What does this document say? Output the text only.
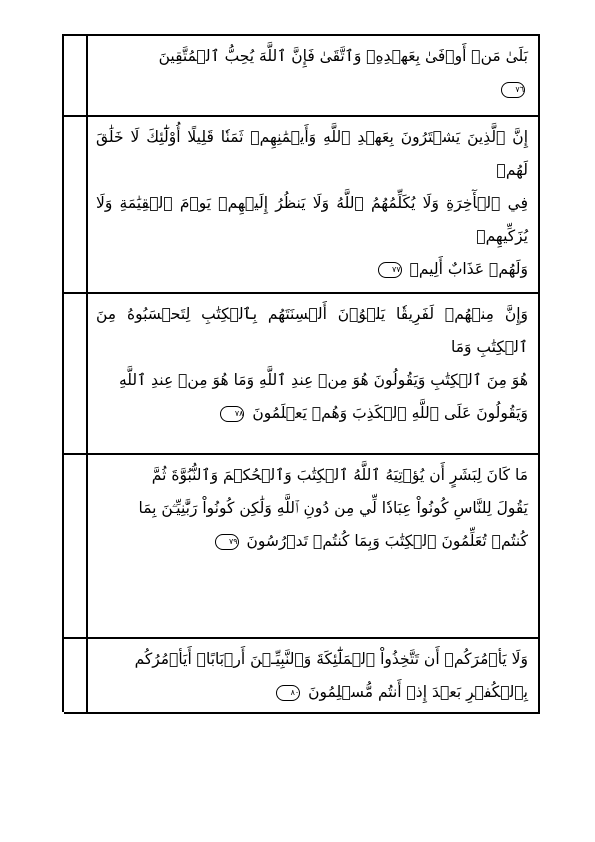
بَلَىٰ مَنۡ أَوۡفَىٰ بِعَهۡدِهِۦ وَٱتَّقَىٰ فَإِنَّ ٱللَّهَ يُحِبُّ ٱلۡمُتَّقِينَ

٧٦

إِنَّ ٱلَّذِينَ يَشۡتَرُونَ بِعَهۡدِ ٱللَّهِ وَأَيۡمَٰنِهِمۡ ثَمَنٗا قَلِيلًا أُوْلَٰٓئِكَ لَا خَلَٰقَ لَهُمۡ

فِي ٱلۡأٓخِرَةِ وَلَا يُكَلِّمُهُمُ ٱللَّهُ وَلَا يَنظُرُ إِلَيۡهِمۡ يَوۡمَ ٱلۡقِيَٰمَةِ وَلَا يُزَكِّيهِمۡ

وَلَهُمۡ عَذَابٌ أَلِيمٞ ٧٧

وَإِنَّ مِنۡهُمۡ لَفَرِيقٗا يَلۡوُۥنَ أَلۡسِنَتَهُم بِٱلۡكِتَٰبِ لِتَحۡسَبُوهُ مِنَ ٱلۡكِتَٰبِ وَمَا

هُوَ مِنَ ٱلۡكِتَٰبِ وَيَقُولُونَ هُوَ مِنۡ عِندِ ٱللَّهِ وَمَا هُوَ مِنۡ عِندِ ٱللَّهِ

وَيَقُولُونَ عَلَى ٱللَّهِ ٱلۡكَذِبَ وَهُمۡ يَعۡلَمُونَ ٧٨

مَا كَانَ لِبَشَرٍ أَن يُؤۡتِيَهُ ٱللَّهُ ٱلۡكِتَٰبَ وَٱلۡحُكۡمَ وَٱلنُّبُوَّةَ ثُمَّ

يَقُولَ لِلنَّاسِ كُونُواْ عِبَادٗا لِّي مِن دُونِ ٱللَّهِ وَلَٰكِن كُونُواْ رَبَّٰنِيِّـۧنَ بِمَا

كُنتُمۡ تُعَلِّمُونَ ٱلۡكِتَٰبَ وَبِمَا كُنتُمۡ تَدۡرُسُونَ ٧٩

وَلَا يَأۡمُرَكُمۡ أَن تَتَّخِذُواْ ٱلۡمَلَٰٓئِكَةَ وَٱلنَّبِيِّـۧنَ أَرۡبَابًاۗ أَيَأۡمُرُكُم

بِٱلۡكُفۡرِ بَعۡدَ إِذۡ أَنتُم مُّسۡلِمُونَ ٨٠
